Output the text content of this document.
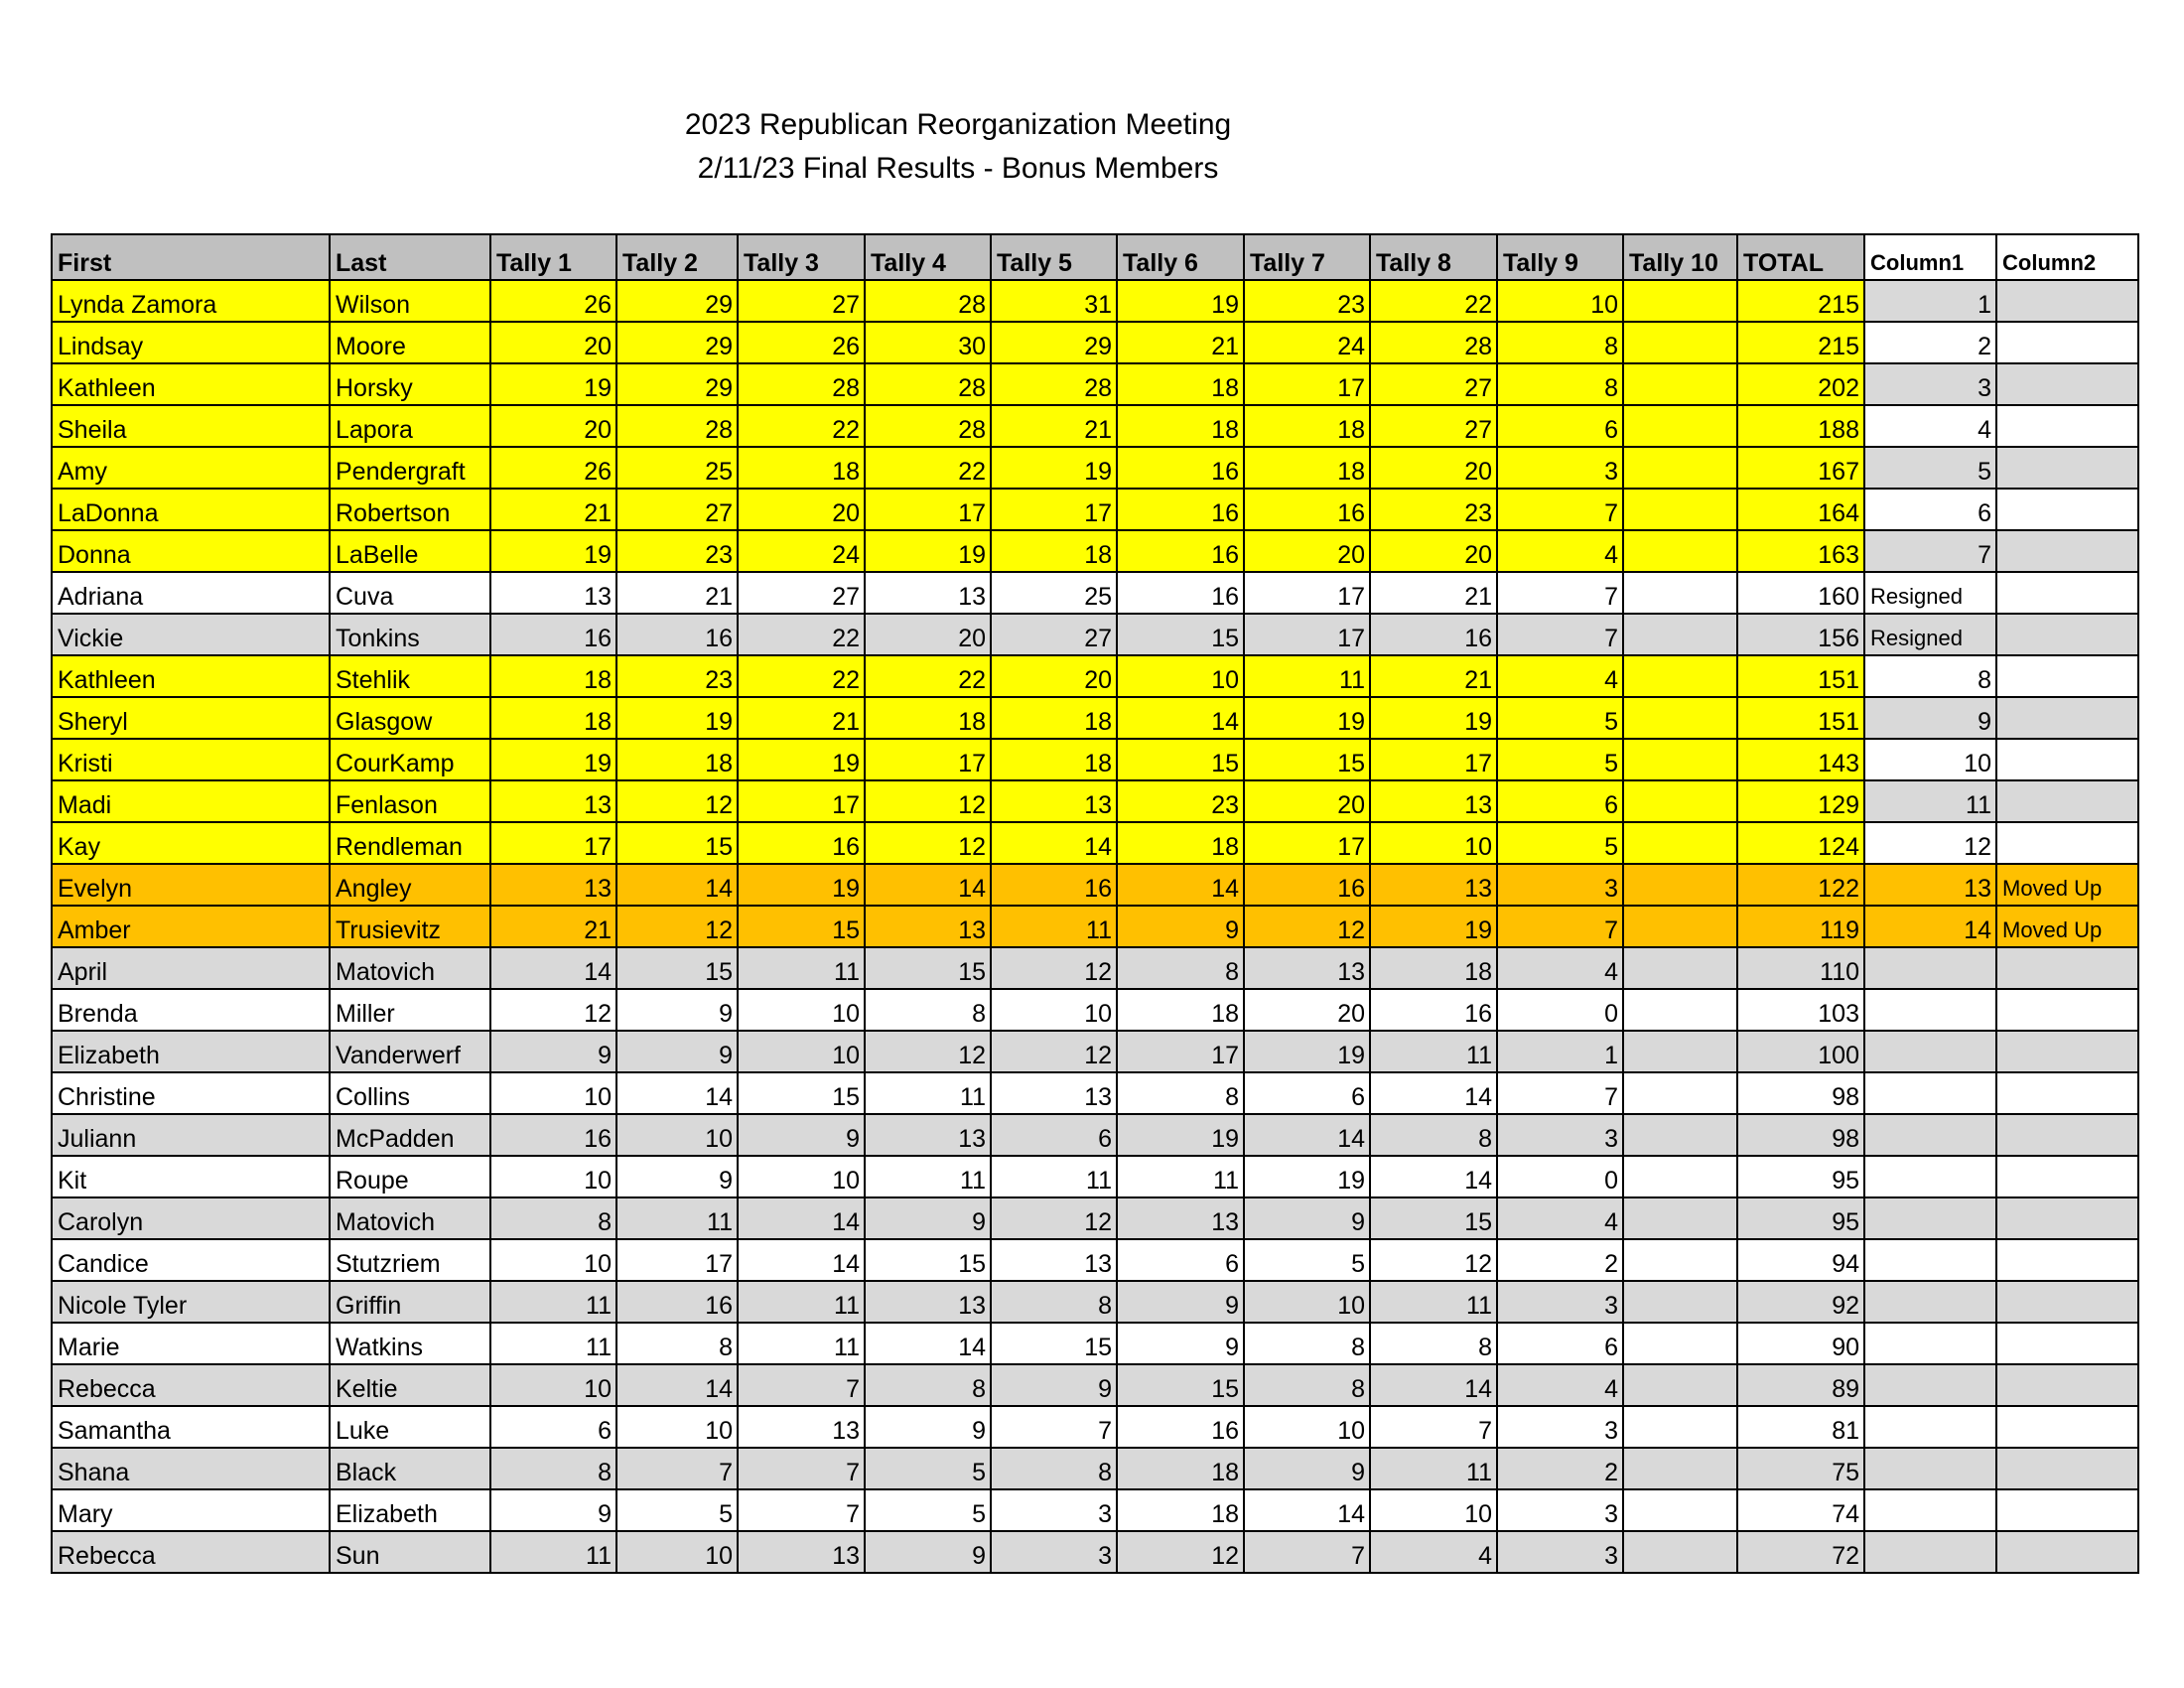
2023 Republican Reorganization Meeting
2/11/23 Final Results - Bonus Members
First	Last	Tally 1	Tally 2	Tally 3	Tally 4	Tally 5	Tally 6	Tally 7	Tally 8	Tally 9	Tally 10	TOTAL	Column1	Column2
Lynda Zamora	Wilson	26	29	27	28	31	19	23	22	10		215	1	
Lindsay	Moore	20	29	26	30	29	21	24	28	8		215	2	
Kathleen	Horsky	19	29	28	28	28	18	17	27	8		202	3	
Sheila	Lapora	20	28	22	28	21	18	18	27	6		188	4	
Amy	Pendergraft	26	25	18	22	19	16	18	20	3		167	5	
LaDonna	Robertson	21	27	20	17	17	16	16	23	7		164	6	
Donna	LaBelle	19	23	24	19	18	16	20	20	4		163	7	
Adriana	Cuva	13	21	27	13	25	16	17	21	7		160	Resigned	
Vickie	Tonkins	16	16	22	20	27	15	17	16	7		156	Resigned	
Kathleen	Stehlik	18	23	22	22	20	10	11	21	4		151	8	
Sheryl	Glasgow	18	19	21	18	18	14	19	19	5		151	9	
Kristi	CourKamp	19	18	19	17	18	15	15	17	5		143	10	
Madi	Fenlason	13	12	17	12	13	23	20	13	6		129	11	
Kay	Rendleman	17	15	16	12	14	18	17	10	5		124	12	
Evelyn	Angley	13	14	19	14	16	14	16	13	3		122	13	Moved Up
Amber	Trusievitz	21	12	15	13	11	9	12	19	7		119	14	Moved Up
April	Matovich	14	15	11	15	12	8	13	18	4		110		
Brenda	Miller	12	9	10	8	10	18	20	16	0		103		
Elizabeth	Vanderwerf	9	9	10	12	12	17	19	11	1		100		
Christine	Collins	10	14	15	11	13	8	6	14	7		98		
Juliann	McPadden	16	10	9	13	6	19	14	8	3		98		
Kit	Roupe	10	9	10	11	11	11	19	14	0		95		
Carolyn	Matovich	8	11	14	9	12	13	9	15	4		95		
Candice	Stutzriem	10	17	14	15	13	6	5	12	2		94		
Nicole Tyler	Griffin	11	16	11	13	8	9	10	11	3		92		
Marie	Watkins	11	8	11	14	15	9	8	8	6		90		
Rebecca	Keltie	10	14	7	8	9	15	8	14	4		89		
Samantha	Luke	6	10	13	9	7	16	10	7	3		81		
Shana	Black	8	7	7	5	8	18	9	11	2		75		
Mary	Elizabeth	9	5	7	5	3	18	14	10	3		74		
Rebecca	Sun	11	10	13	9	3	12	7	4	3		72		
